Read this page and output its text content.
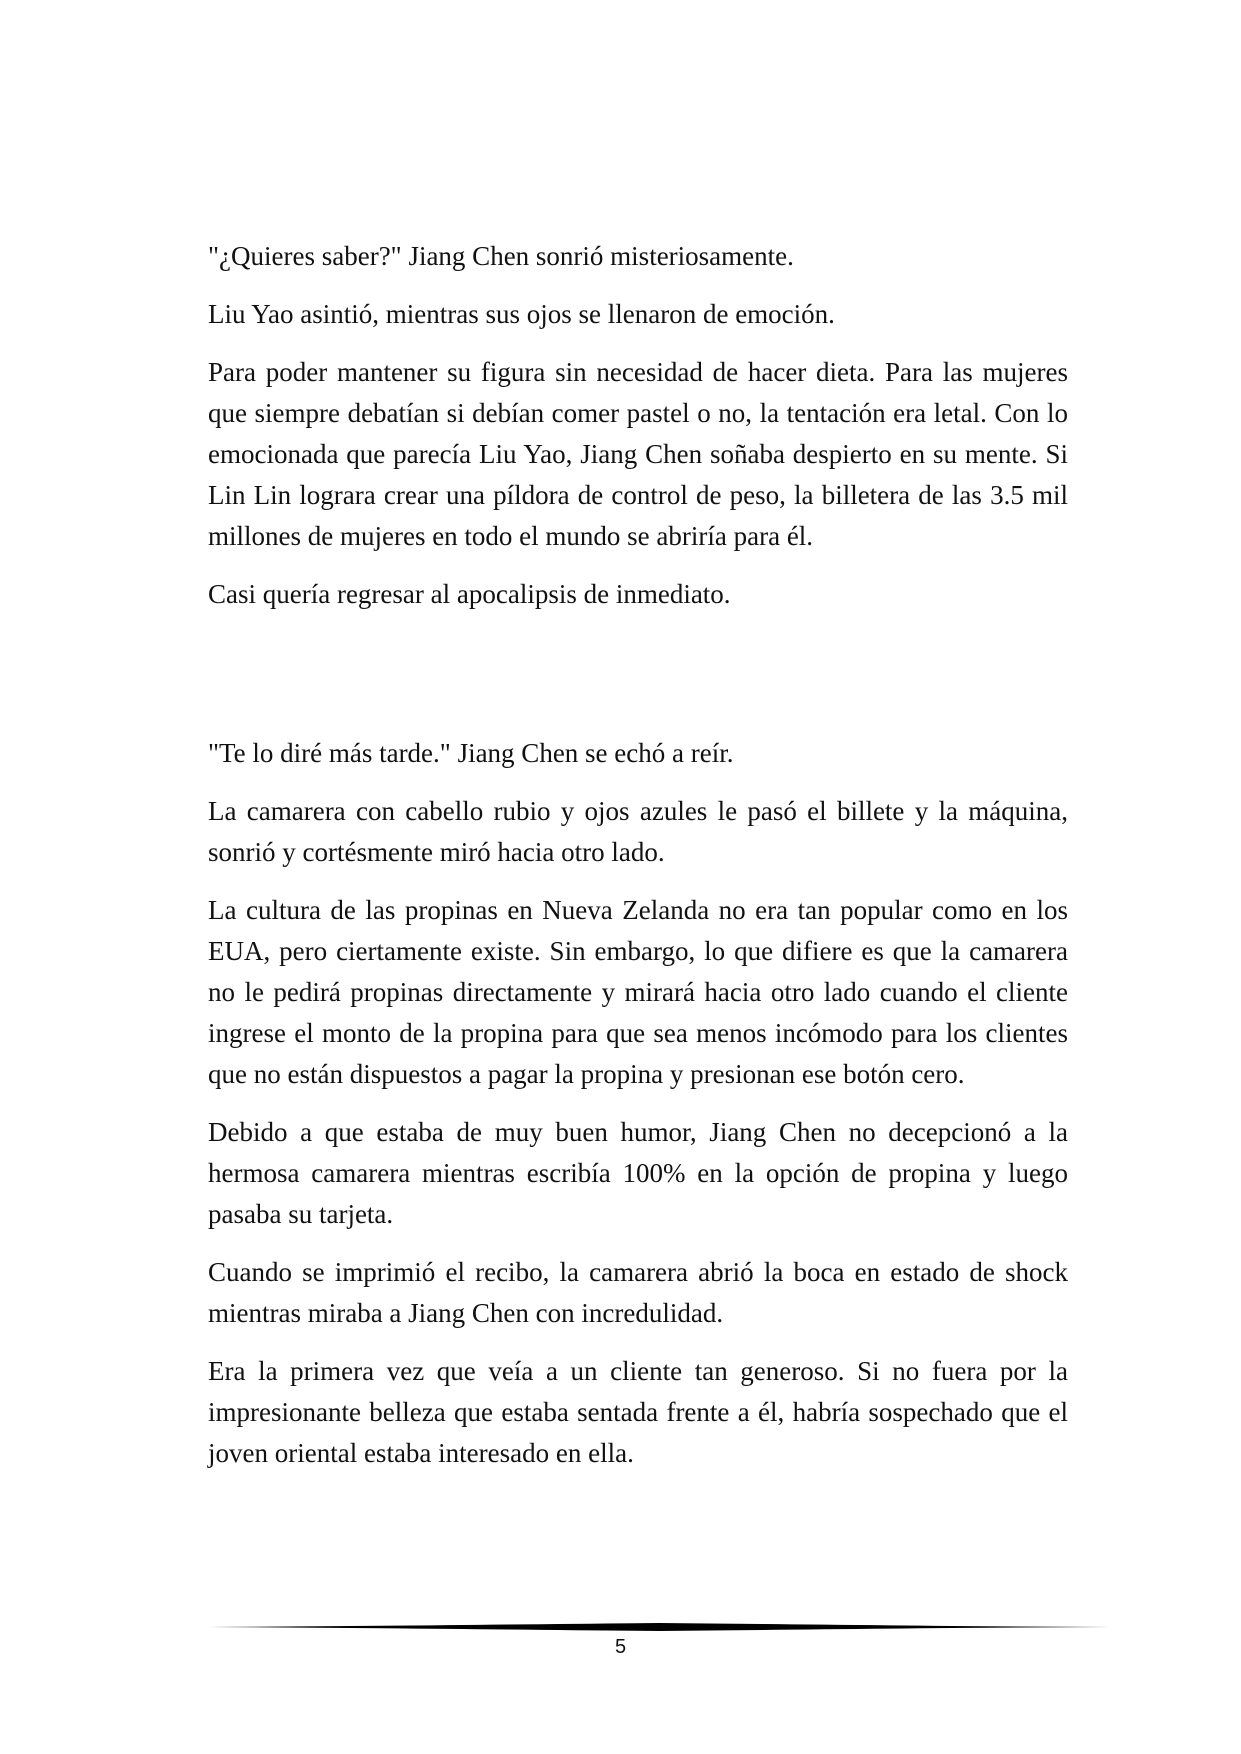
"¿Quieres saber?" Jiang Chen sonrió misteriosamente.

Liu Yao asintió, mientras sus ojos se llenaron de emoción.

Para poder mantener su figura sin necesidad de hacer dieta. Para las mujeres que siempre debatían si debían comer pastel o no, la tentación era letal. Con lo emocionada que parecía Liu Yao, Jiang Chen soñaba despierto en su mente. Si Lin Lin lograra crear una píldora de control de peso, la billetera de las 3.5 mil millones de mujeres en todo el mundo se abriría para él.

Casi quería regresar al apocalipsis de inmediato.

"Te lo diré más tarde." Jiang Chen se echó a reír.

La camarera con cabello rubio y ojos azules le pasó el billete y la máquina, sonrió y cortésmente miró hacia otro lado.

La cultura de las propinas en Nueva Zelanda no era tan popular como en los EUA, pero ciertamente existe. Sin embargo, lo que difiere es que la camarera no le pedirá propinas directamente y mirará hacia otro lado cuando el cliente ingrese el monto de la propina para que sea menos incómodo para los clientes que no están dispuestos a pagar la propina y presionan ese botón cero.

Debido a que estaba de muy buen humor, Jiang Chen no decepcionó a la hermosa camarera mientras escribía 100% en la opción de propina y luego pasaba su tarjeta.

Cuando se imprimió el recibo, la camarera abrió la boca en estado de shock mientras miraba a Jiang Chen con incredulidad.

Era la primera vez que veía a un cliente tan generoso. Si no fuera por la impresionante belleza que estaba sentada frente a él, habría sospechado que el joven oriental estaba interesado en ella.

5
